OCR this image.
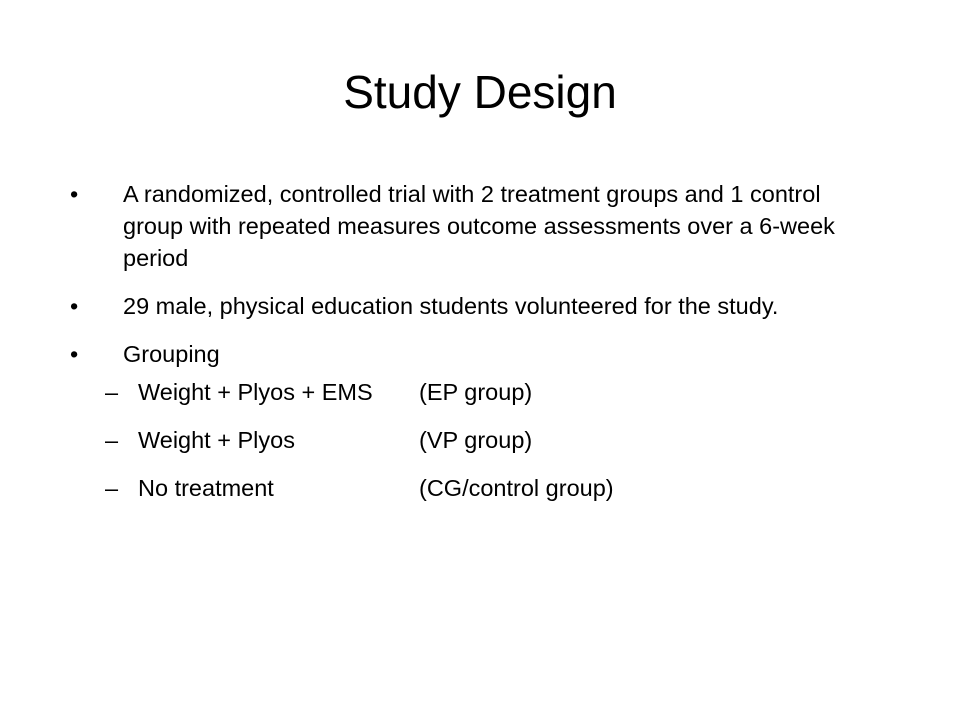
Study Design
•	A randomized, controlled trial with 2 treatment groups and 1 control group with repeated measures outcome assessments over a 6-week period
•	29 male, physical education students volunteered for the study.
•	Grouping
– Weight + Plyos + EMS (EP group)
– Weight + Plyos	(VP group)
– No treatment	(CG/control group)
